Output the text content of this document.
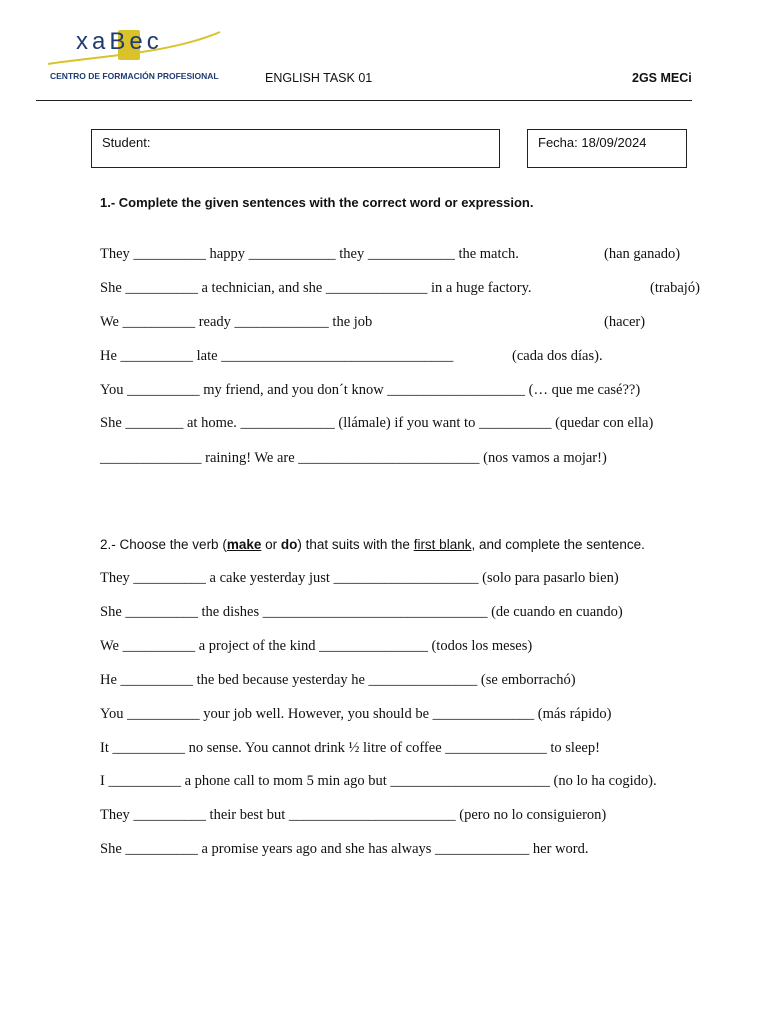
xaBec
CENTRO DE FORMACIÓN PROFESIONAL	ENGLISH TASK 01	2GS MECi
Student:	Fecha: 18/09/2024
1.- Complete the given sentences with the correct word or expression.
They __________ happy ____________ they ____________ the match.	(han ganado)
She __________ a technician, and she ______________ in a huge factory.	(trabajó)
We __________ ready _____________ the job	(hacer)
He __________ late ________________________________	(cada dos días).
You __________ my friend, and you don´t know ___________________ (… que me casé??)
She ________ at home. _____________ (llámale) if you want to __________ (quedar con ella)
______________ raining! We are _________________________ (nos vamos a mojar!)
2.- Choose the verb (make or do) that suits with the first blank, and complete the sentence.
They __________ a cake yesterday just ____________________ (solo para pasarlo bien)
She __________ the dishes _______________________________ (de cuando en cuando)
We __________ a project of the kind _______________ (todos los meses)
He __________ the bed because yesterday he _______________ (se emborrachó)
You __________ your job well. However, you should be ______________ (más rápido)
It __________ no sense. You cannot drink ½ litre of coffee ______________ to sleep!
I __________ a phone call to mom 5 min ago but ______________________ (no lo ha cogido).
They __________ their best but _______________________ (pero no lo consiguieron)
She __________ a promise years ago and she has always _____________ her word.
